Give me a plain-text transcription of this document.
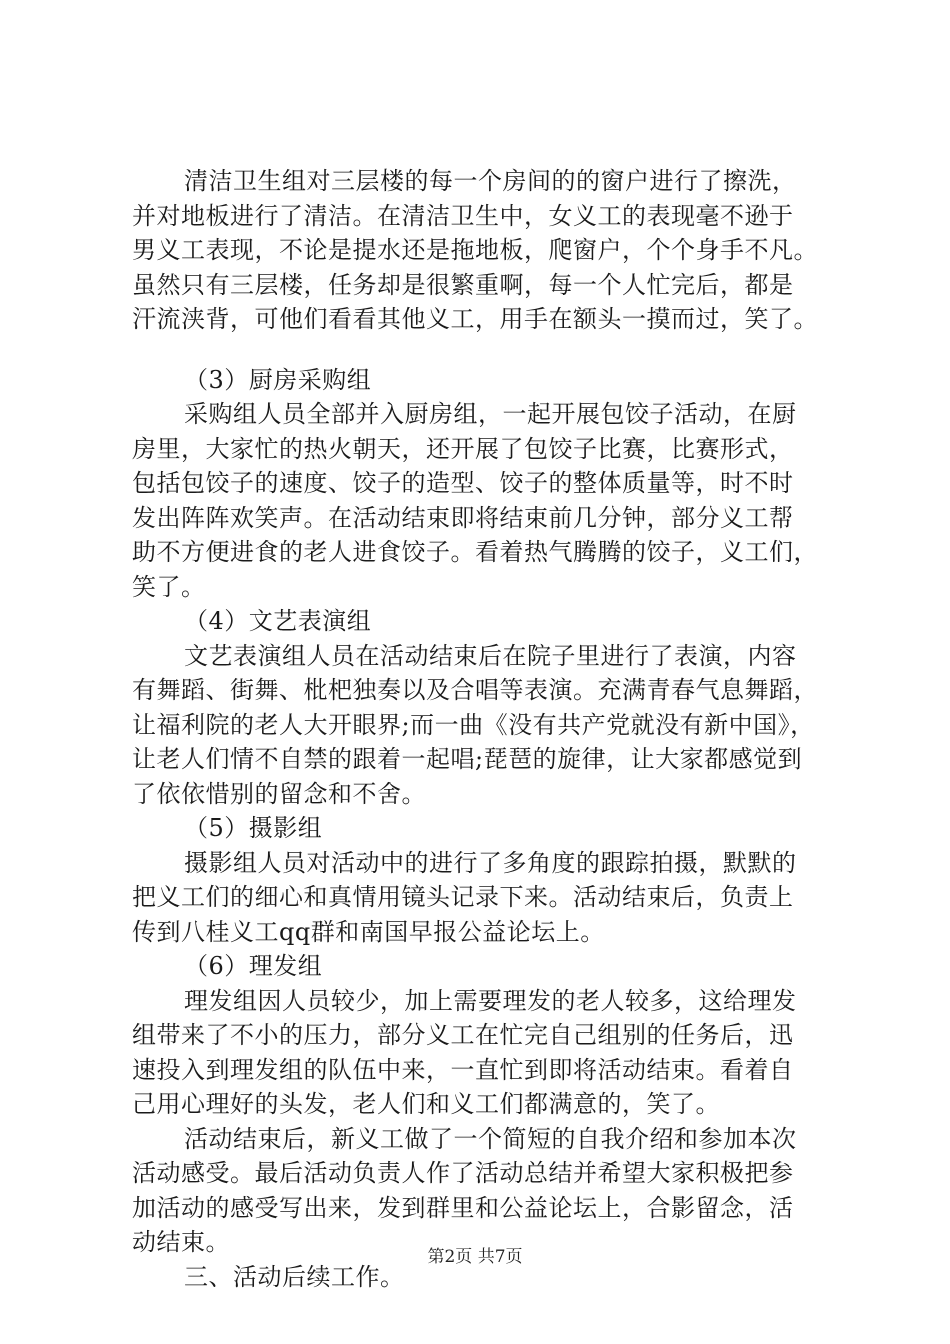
清洁卫生组对三层楼的每一个房间的的窗户进行了擦洗，
并对地板进行了清洁。在清洁卫生中，女义工的表现毫不逊于
男义工表现，不论是提水还是拖地板，爬窗户，个个身手不凡。
虽然只有三层楼，任务却是很繁重啊，每一个人忙完后，都是
汗流浃背，可他们看看其他义工，用手在额头一摸而过，笑了。
（3）厨房采购组
采购组人员全部并入厨房组，一起开展包饺子活动，在厨
房里，大家忙的热火朝天，还开展了包饺子比赛，比赛形式，
包括包饺子的速度、饺子的造型、饺子的整体质量等，时不时
发出阵阵欢笑声。在活动结束即将结束前几分钟，部分义工帮
助不方便进食的老人进食饺子。看着热气腾腾的饺子，义工们，
笑了。
（4）文艺表演组
文艺表演组人员在活动结束后在院子里进行了表演，内容
有舞蹈、街舞、枇杷独奏以及合唱等表演。充满青春气息舞蹈，
让福利院的老人大开眼界;而一曲《没有共产党就没有新中国》，
让老人们情不自禁的跟着一起唱;琵琶的旋律，让大家都感觉到
了依依惜别的留念和不舍。
（5）摄影组
摄影组人员对活动中的进行了多角度的跟踪拍摄，默默的
把义工们的细心和真情用镜头记录下来。活动结束后，负责上
传到八桂义工qq群和南国早报公益论坛上。
（6）理发组
理发组因人员较少，加上需要理发的老人较多，这给理发
组带来了不小的压力，部分义工在忙完自己组别的任务后，迅
速投入到理发组的队伍中来，一直忙到即将活动结束。看着自
己用心理好的头发，老人们和义工们都满意的，笑了。
活动结束后，新义工做了一个简短的自我介绍和参加本次
活动感受。最后活动负责人作了活动总结并希望大家积极把参
加活动的感受写出来，发到群里和公益论坛上，合影留念，活
动结束。
三、活动后续工作。
第2页 共7页
